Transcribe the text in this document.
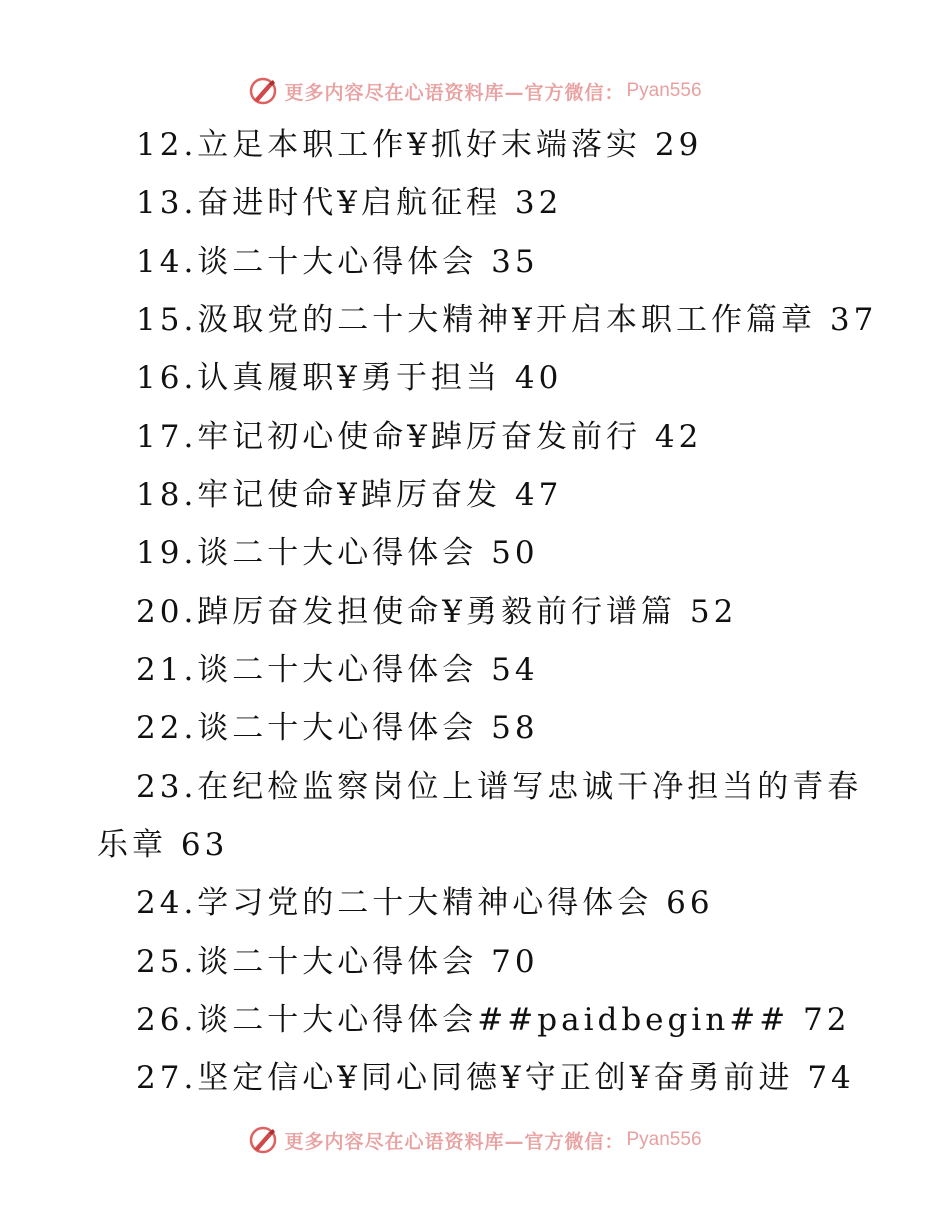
更多内容尽在心语资料库—官方微信： Pyan556
12.立足本职工作¥抓好末端落实 29
13.奋进时代¥启航征程 32
14.谈二十大心得体会 35
15.汲取党的二十大精神¥开启本职工作篇章 37
16.认真履职¥勇于担当 40
17.牢记初心使命¥踔厉奋发前行 42
18.牢记使命¥踔厉奋发 47
19.谈二十大心得体会 50
20.踔厉奋发担使命¥勇毅前行谱篇 52
21.谈二十大心得体会 54
22.谈二十大心得体会 58
23.在纪检监察岗位上谱写忠诚干净担当的青春
乐章 63
24.学习党的二十大精神心得体会 66
25.谈二十大心得体会 70
26.谈二十大心得体会##paidbegin## 72
27.坚定信心¥同心同德¥守正创¥奋勇前进 74
更多内容尽在心语资料库—官方微信： Pyan556
